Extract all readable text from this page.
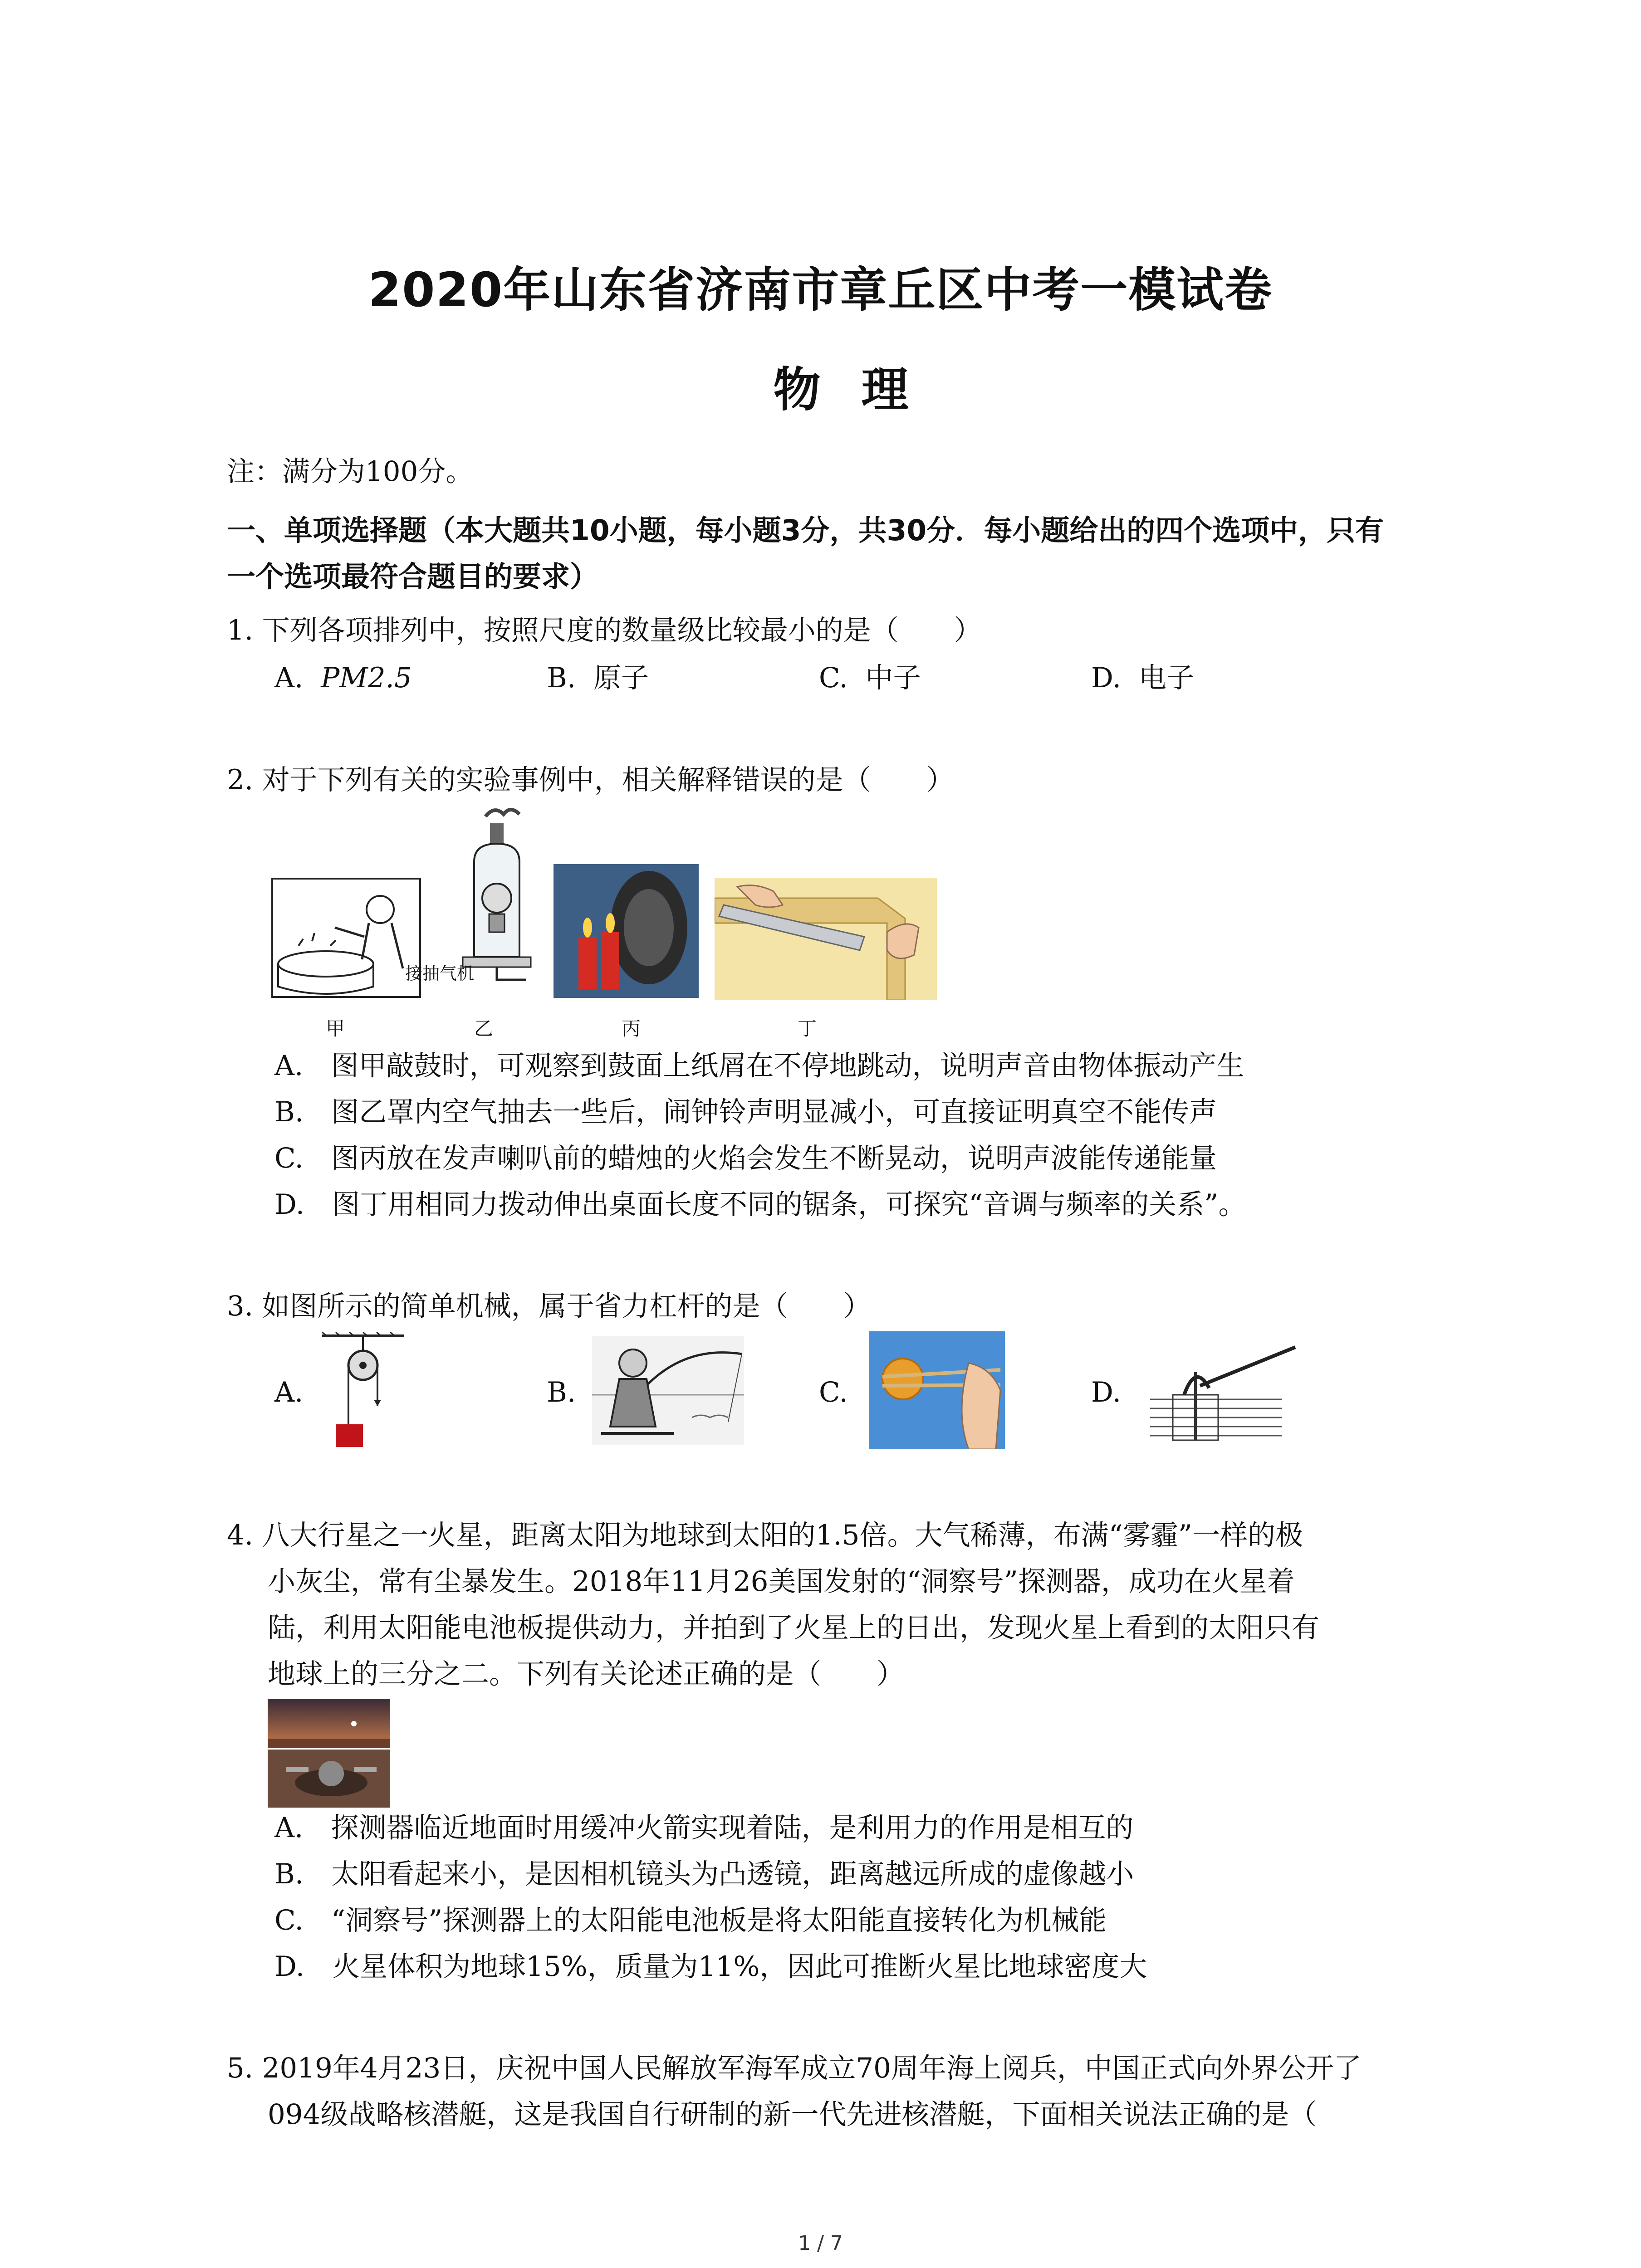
2020年山东省济南市章丘区中考一模试卷
物理
注：满分为100分。
一、单项选择题（本大题共10小题，每小题3分，共30分．每小题给出的四个选项中，只有
一个选项最符合题目的要求）
1. 下列各项排列中，按照尺度的数量级比较最小的是（　　）
A. PM2.5	B. 原子	C. 中子	D. 电子
2. 对于下列有关的实验事例中，相关解释错误的是（　　）
甲
接抽气机
乙	丙	丁
A.　图甲敲鼓时，可观察到鼓面上纸屑在不停地跳动，说明声音由物体振动产生
B.　图乙罩内空气抽去一些后，闹钟铃声明显减小，可直接证明真空不能传声
C.　图丙放在发声喇叭前的蜡烛的火焰会发生不断晃动，说明声波能传递能量
D.　图丁用相同力拨动伸出桌面长度不同的锯条，可探究“音调与频率的关系”。
3. 如图所示的简单机械，属于省力杠杆的是（　　）
A.	B.	C.	D.
4. 八大行星之一火星，距离太阳为地球到太阳的1.5倍。大气稀薄，布满“雾霾”一样的极
小灰尘，常有尘暴发生。2018年11月26美国发射的“洞察号”探测器，成功在火星着
陆，利用太阳能电池板提供动力，并拍到了火星上的日出，发现火星上看到的太阳只有
地球上的三分之二。下列有关论述正确的是（　　）
A.　探测器临近地面时用缓冲火箭实现着陆，是利用力的作用是相互的
B.　太阳看起来小，是因相机镜头为凸透镜，距离越远所成的虚像越小
C.　“洞察号”探测器上的太阳能电池板是将太阳能直接转化为机械能
D.　火星体积为地球15%，质量为11%，因此可推断火星比地球密度大
5. 2019年4月23日，庆祝中国人民解放军海军成立70周年海上阅兵，中国正式向外界公开了
094级战略核潜艇，这是我国自行研制的新一代先进核潜艇，下面相关说法正确的是（
1 / 7
